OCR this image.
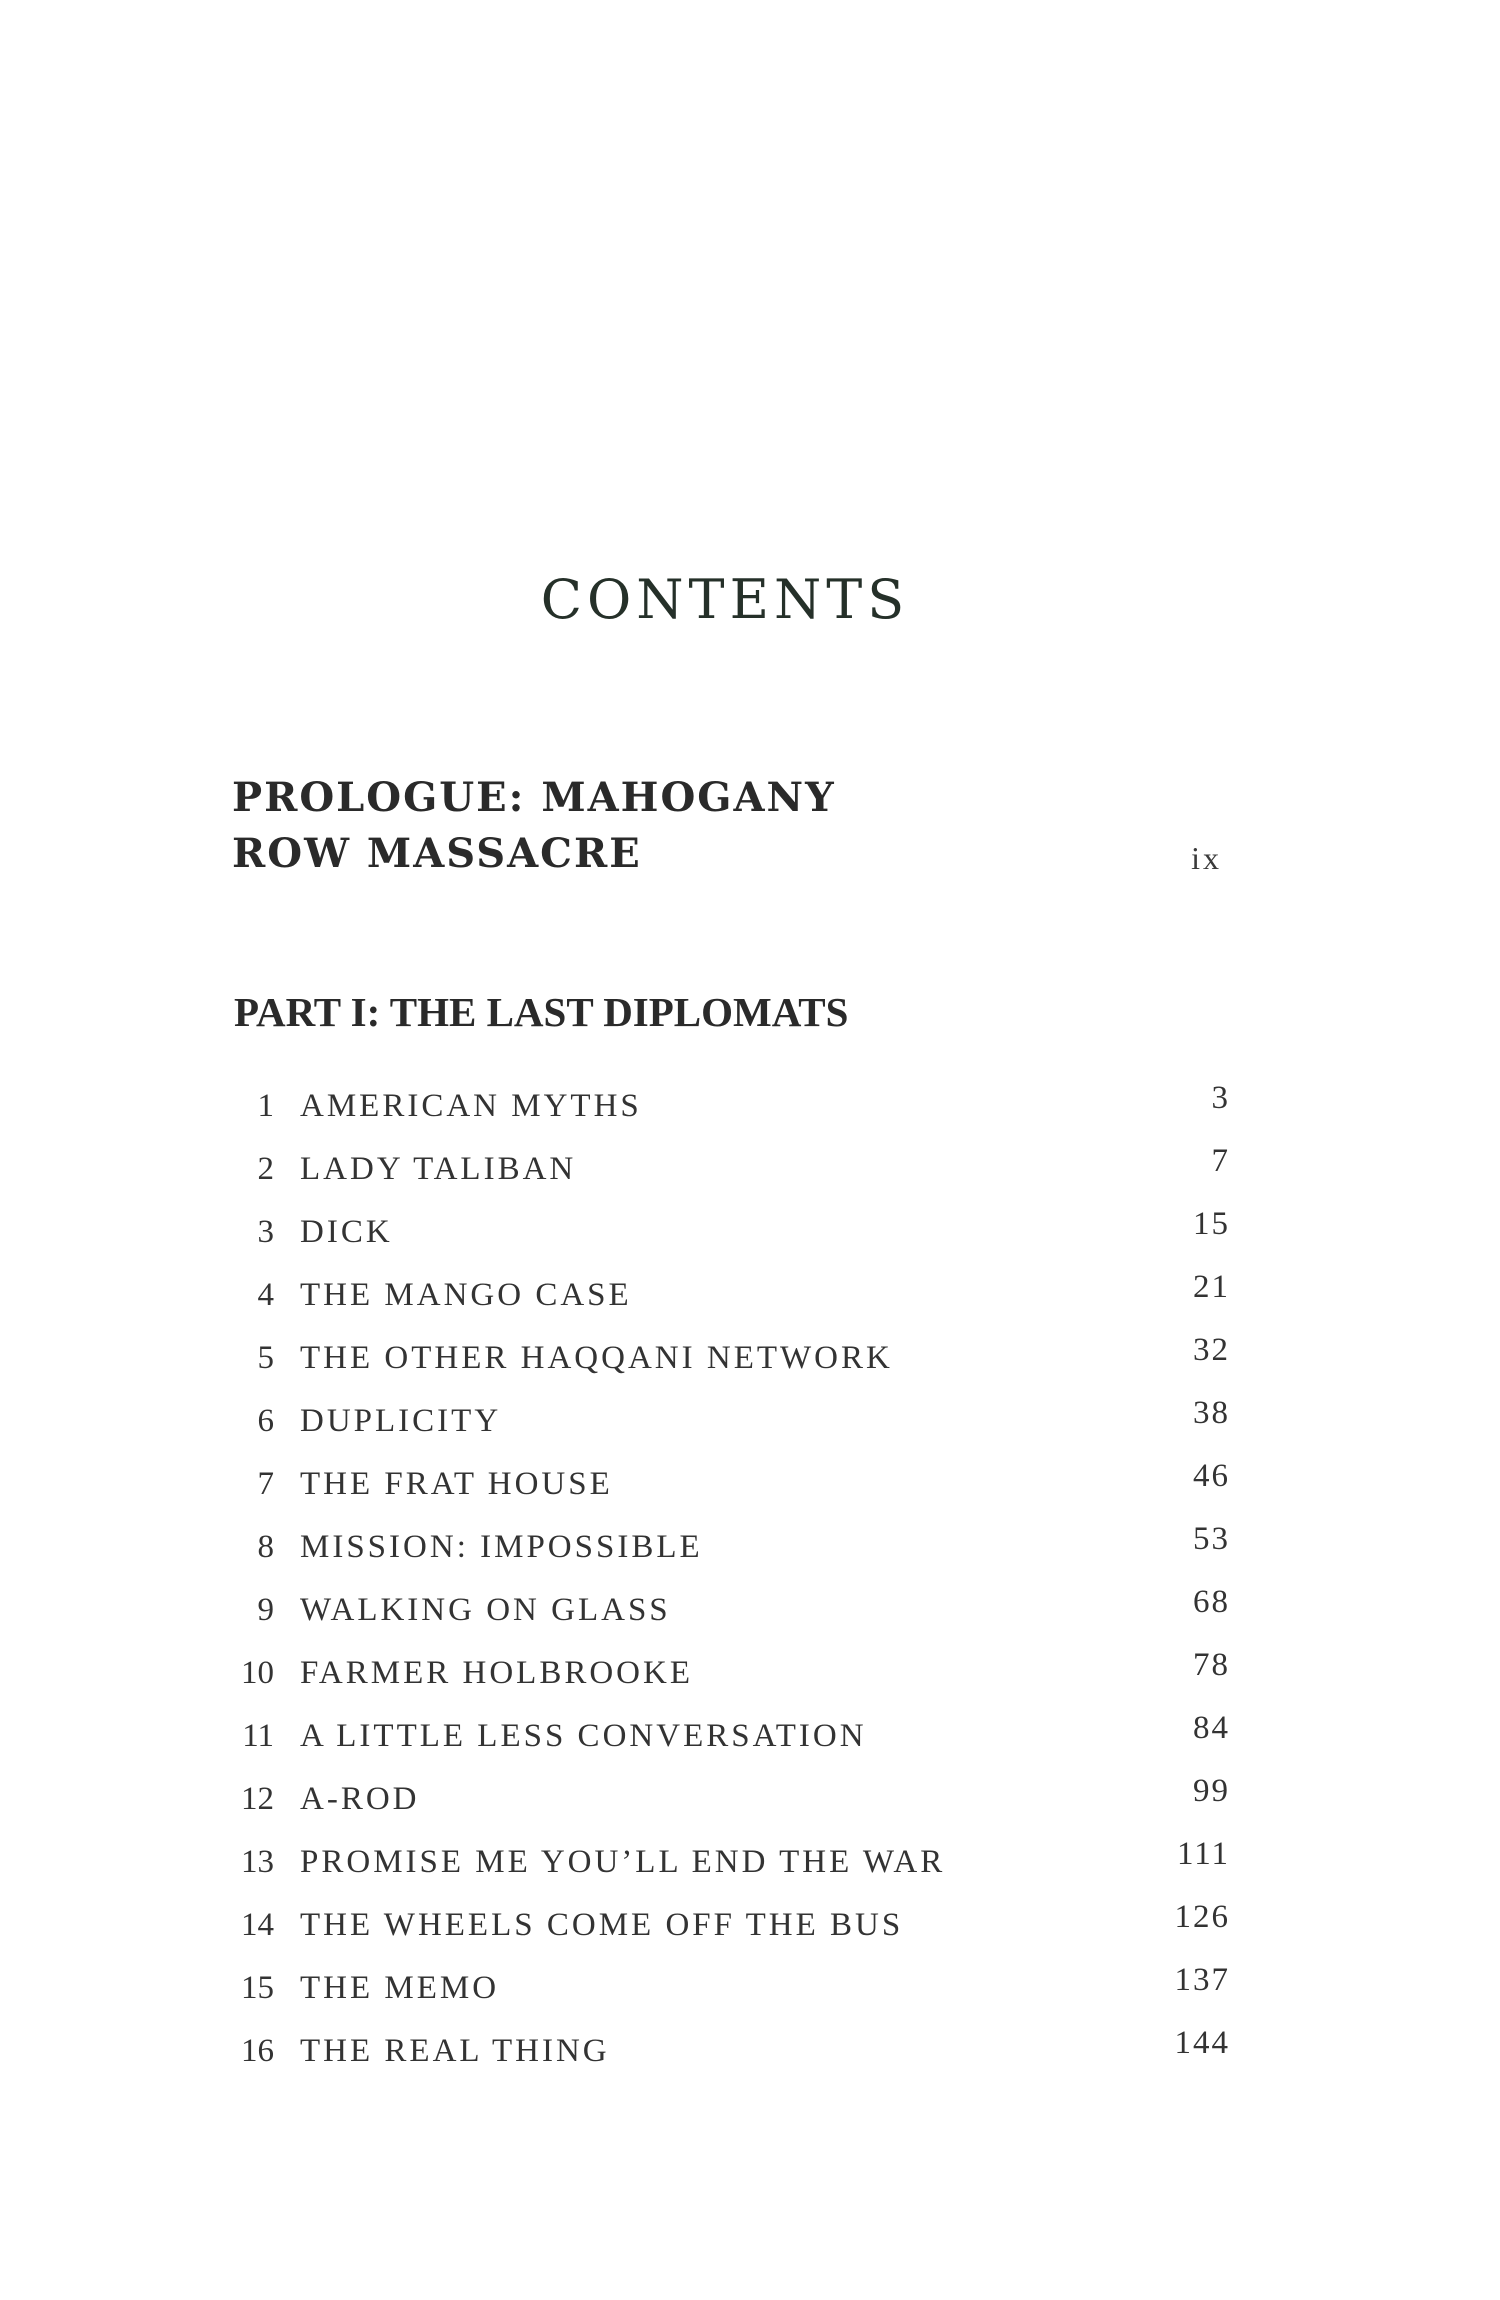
CONTENTS
PROLOGUE: MAHOGANY
ROW MASSACRE	ix
PART I: THE LAST DIPLOMATS
1 AMERICAN MYTHS	3
2 LADY TALIBAN	7
3 DICK	15
4 THE MANGO CASE	21
5 THE OTHER HAQQANI NETWORK	32
6 DUPLICITY	38
7 THE FRAT HOUSE	46
8 MISSION: IMPOSSIBLE	53
9 WALKING ON GLASS	68
10 FARMER HOLBROOKE	78
11 A LITTLE LESS CONVERSATION	84
12 A-ROD	99
13 PROMISE ME YOU’LL END THE WAR	111
14 THE WHEELS COME OFF THE BUS	126
15 THE MEMO	137
16 THE REAL THING	144
